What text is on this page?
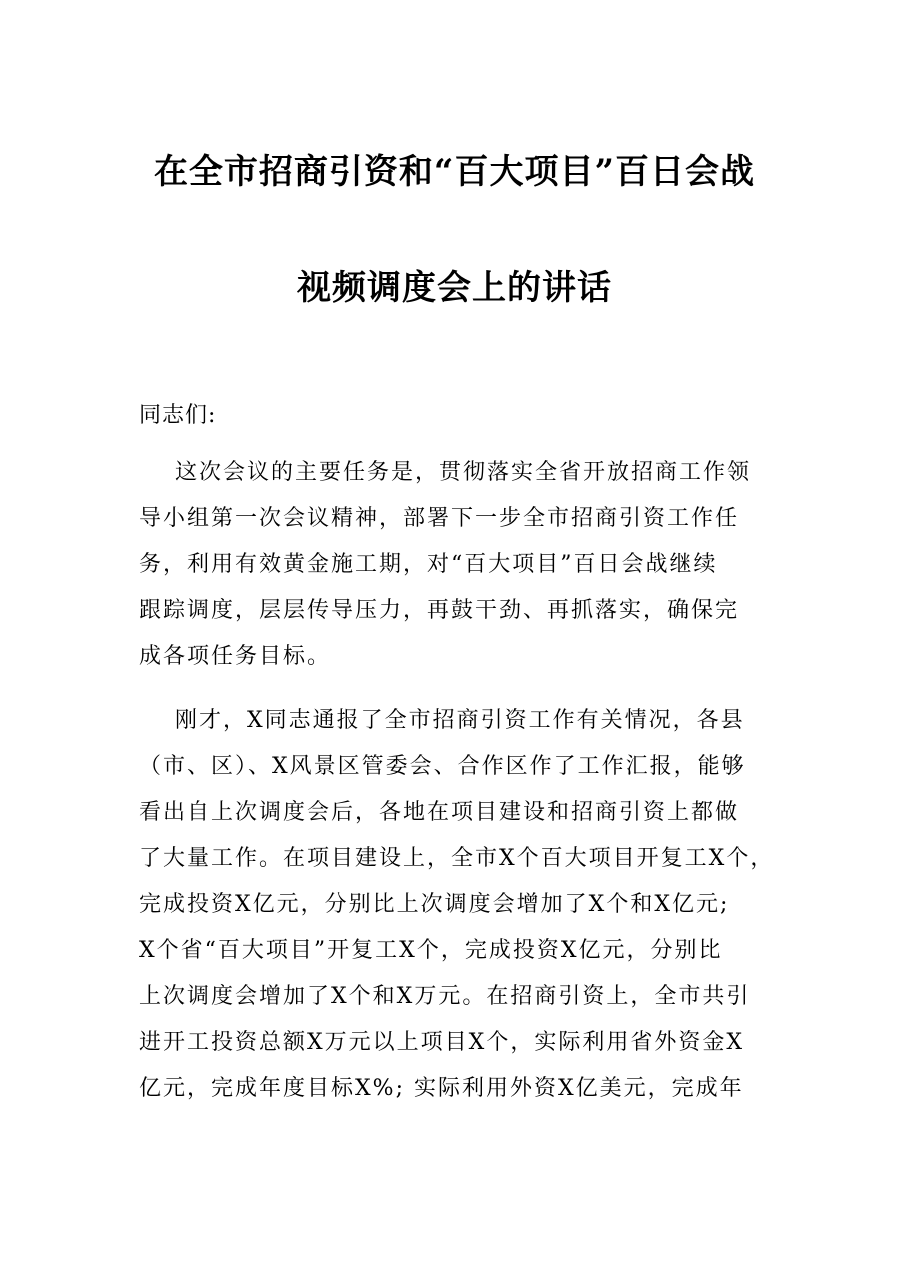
在全市招商引资和“百大项目”百日会战
视频调度会上的讲话
同志们:
这次会议的主要任务是，贯彻落实全省开放招商工作领
导小组第一次会议精神，部署下一步全市招商引资工作任
务，利用有效黄金施工期，对“百大项目”百日会战继续
跟踪调度，层层传导压力，再鼓干劲、再抓落实，确保完
成各项任务目标。
刚才，X同志通报了全市招商引资工作有关情况，各县
（市、区）、X风景区管委会、合作区作了工作汇报，能够
看出自上次调度会后，各地在项目建设和招商引资上都做
了大量工作。在项目建设上，全市X个百大项目开复工X个，
完成投资X亿元，分别比上次调度会增加了X个和X亿元;
X个省“百大项目”开复工X个，完成投资X亿元，分别比
上次调度会增加了X个和X万元。在招商引资上，全市共引
进开工投资总额X万元以上项目X个，实际利用省外资金X
亿元，完成年度目标X%; 实际利用外资X亿美元，完成年
